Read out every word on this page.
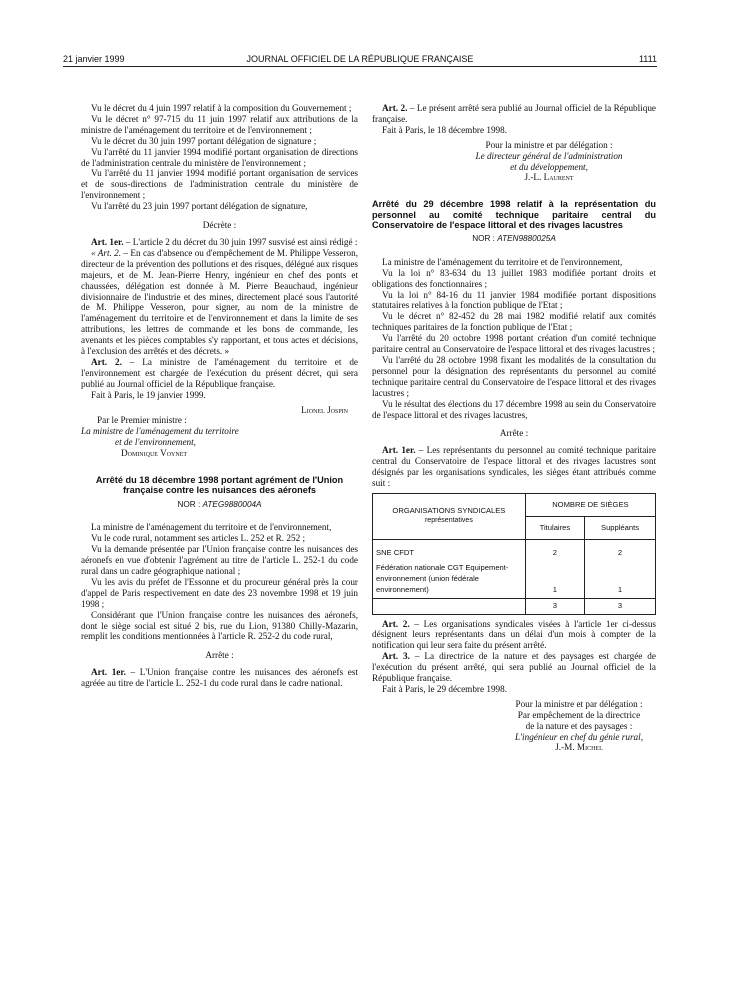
21 janvier 1999	JOURNAL OFFICIEL DE LA RÉPUBLIQUE FRANÇAISE	1111

Vu le décret du 4 juin 1997 relatif à la composition du Gouvernement ;

Vu le décret n° 97-715 du 11 juin 1997 relatif aux attributions de la ministre de l'aménagement du territoire et de l'environnement ;

Vu le décret du 30 juin 1997 portant délégation de signature ;

Vu l'arrêté du 11 janvier 1994 modifié portant organisation de directions de l'administration centrale du ministère de l'environnement ;

Vu l'arrêté du 11 janvier 1994 modifié portant organisation de services et de sous-directions de l'administration centrale du ministère de l'environnement ;

Vu l'arrêté du 23 juin 1997 portant délégation de signature,

Décrète :

Art. 1er. – L'article 2 du décret du 30 juin 1997 susvisé est ainsi rédigé :

« Art. 2. – En cas d'absence ou d'empêchement de M. Philippe Vesseron, directeur de la prévention des pollutions et des risques, délégué aux risques majeurs, et de M. Jean-Pierre Henry, ingénieur en chef des ponts et chaussées, délégation est donnée à M. Pierre Beauchaud, ingénieur divisionnaire de l'industrie et des mines, directement placé sous l'autorité de M. Philippe Vesseron, pour signer, au nom de la ministre de l'aménagement du territoire et de l'environnement et dans la limite de ses attributions, les lettres de commande et les bons de commande, les avenants et les pièces comptables s'y rapportant, et tous actes et décisions, à l'exclusion des arrêtés et des décrets. »

Art. 2. – La ministre de l'aménagement du territoire et de l'environnement est chargée de l'exécution du présent décret, qui sera publié au Journal officiel de la République française.

Fait à Paris, le 19 janvier 1999.

Lionel Jospin

Par le Premier ministre :

La ministre de l'aménagement du territoire

et de l'environnement,

Dominique Voynet

Arrêté du 18 décembre 1998 portant agrément de l'Union française contre les nuisances des aéronefs

NOR : ATEG9880004A

La ministre de l'aménagement du territoire et de l'environnement,

Vu le code rural, notamment ses articles L. 252 et R. 252 ;

Vu la demande présentée par l'Union française contre les nuisances des aéronefs en vue d'obtenir l'agrément au titre de l'article L. 252-1 du code rural dans un cadre géographique national ;

Vu les avis du préfet de l'Essonne et du procureur général près la cour d'appel de Paris respectivement en date des 23 novembre 1998 et 19 juin 1998 ;

Considérant que l'Union française contre les nuisances des aéronefs, dont le siège social est situé 2 bis, rue du Lion, 91380 Chilly-Mazarin, remplit les conditions mentionnées à l'article R. 252-2 du code rural,

Arrête :

Art. 1er. – L'Union française contre les nuisances des aéronefs est agréée au titre de l'article L. 252-1 du code rural dans le cadre national.

Art. 2. – Le présent arrêté sera publié au Journal officiel de la République française.

Fait à Paris, le 18 décembre 1998.

Pour la ministre et par délégation :

Le directeur général de l'administration

et du développement,

J.-L. Laurent

Arrêté du 29 décembre 1998 relatif à la représentation du personnel au comité technique paritaire central du Conservatoire de l'espace littoral et des rivages lacustres

NOR : ATEN9880025A

La ministre de l'aménagement du territoire et de l'environnement,

Vu la loi n° 83-634 du 13 juillet 1983 modifiée portant droits et obligations des fonctionnaires ;

Vu la loi n° 84-16 du 11 janvier 1984 modifiée portant dispositions statutaires relatives à la fonction publique de l'Etat ;

Vu le décret n° 82-452 du 28 mai 1982 modifié relatif aux comités techniques paritaires de la fonction publique de l'Etat ;

Vu l'arrêté du 20 octobre 1998 portant création d'un comité technique paritaire central au Conservatoire de l'espace littoral et des rivages lacustres ;

Vu l'arrêté du 28 octobre 1998 fixant les modalités de la consultation du personnel pour la désignation des représentants du personnel au comité technique paritaire central du Conservatoire de l'espace littoral et des rivages lacustres ;

Vu le résultat des élections du 17 décembre 1998 au sein du Conservatoire de l'espace littoral et des rivages lacustres,

Arrête :

Art. 1er. – Les représentants du personnel au comité technique paritaire central du Conservatoire de l'espace littoral et des rivages lacustres sont désignés par les organisations syndicales, les sièges étant attribués comme suit :

ORGANISATIONS SYNDICALES
représentatives	NOMBRE DE SIÈGES	
	Titulaires	Suppléants
SNE CFDT	2	2
Fédération nationale CGT Equipement-environnement (union fédérale environnement)	1	1
	3	3

Art. 2. – Les organisations syndicales visées à l'article 1er ci-dessus désignent leurs représentants dans un délai d'un mois à compter de la notification qui leur sera faite du présent arrêté.

Art. 3. – La directrice de la nature et des paysages est chargée de l'exécution du présent arrêté, qui sera publié au Journal officiel de la République française.

Fait à Paris, le 29 décembre 1998.

Pour la ministre et par délégation :

Par empêchement de la directrice

de la nature et des paysages :

L'ingénieur en chef du génie rural,

J.-M. Michel
